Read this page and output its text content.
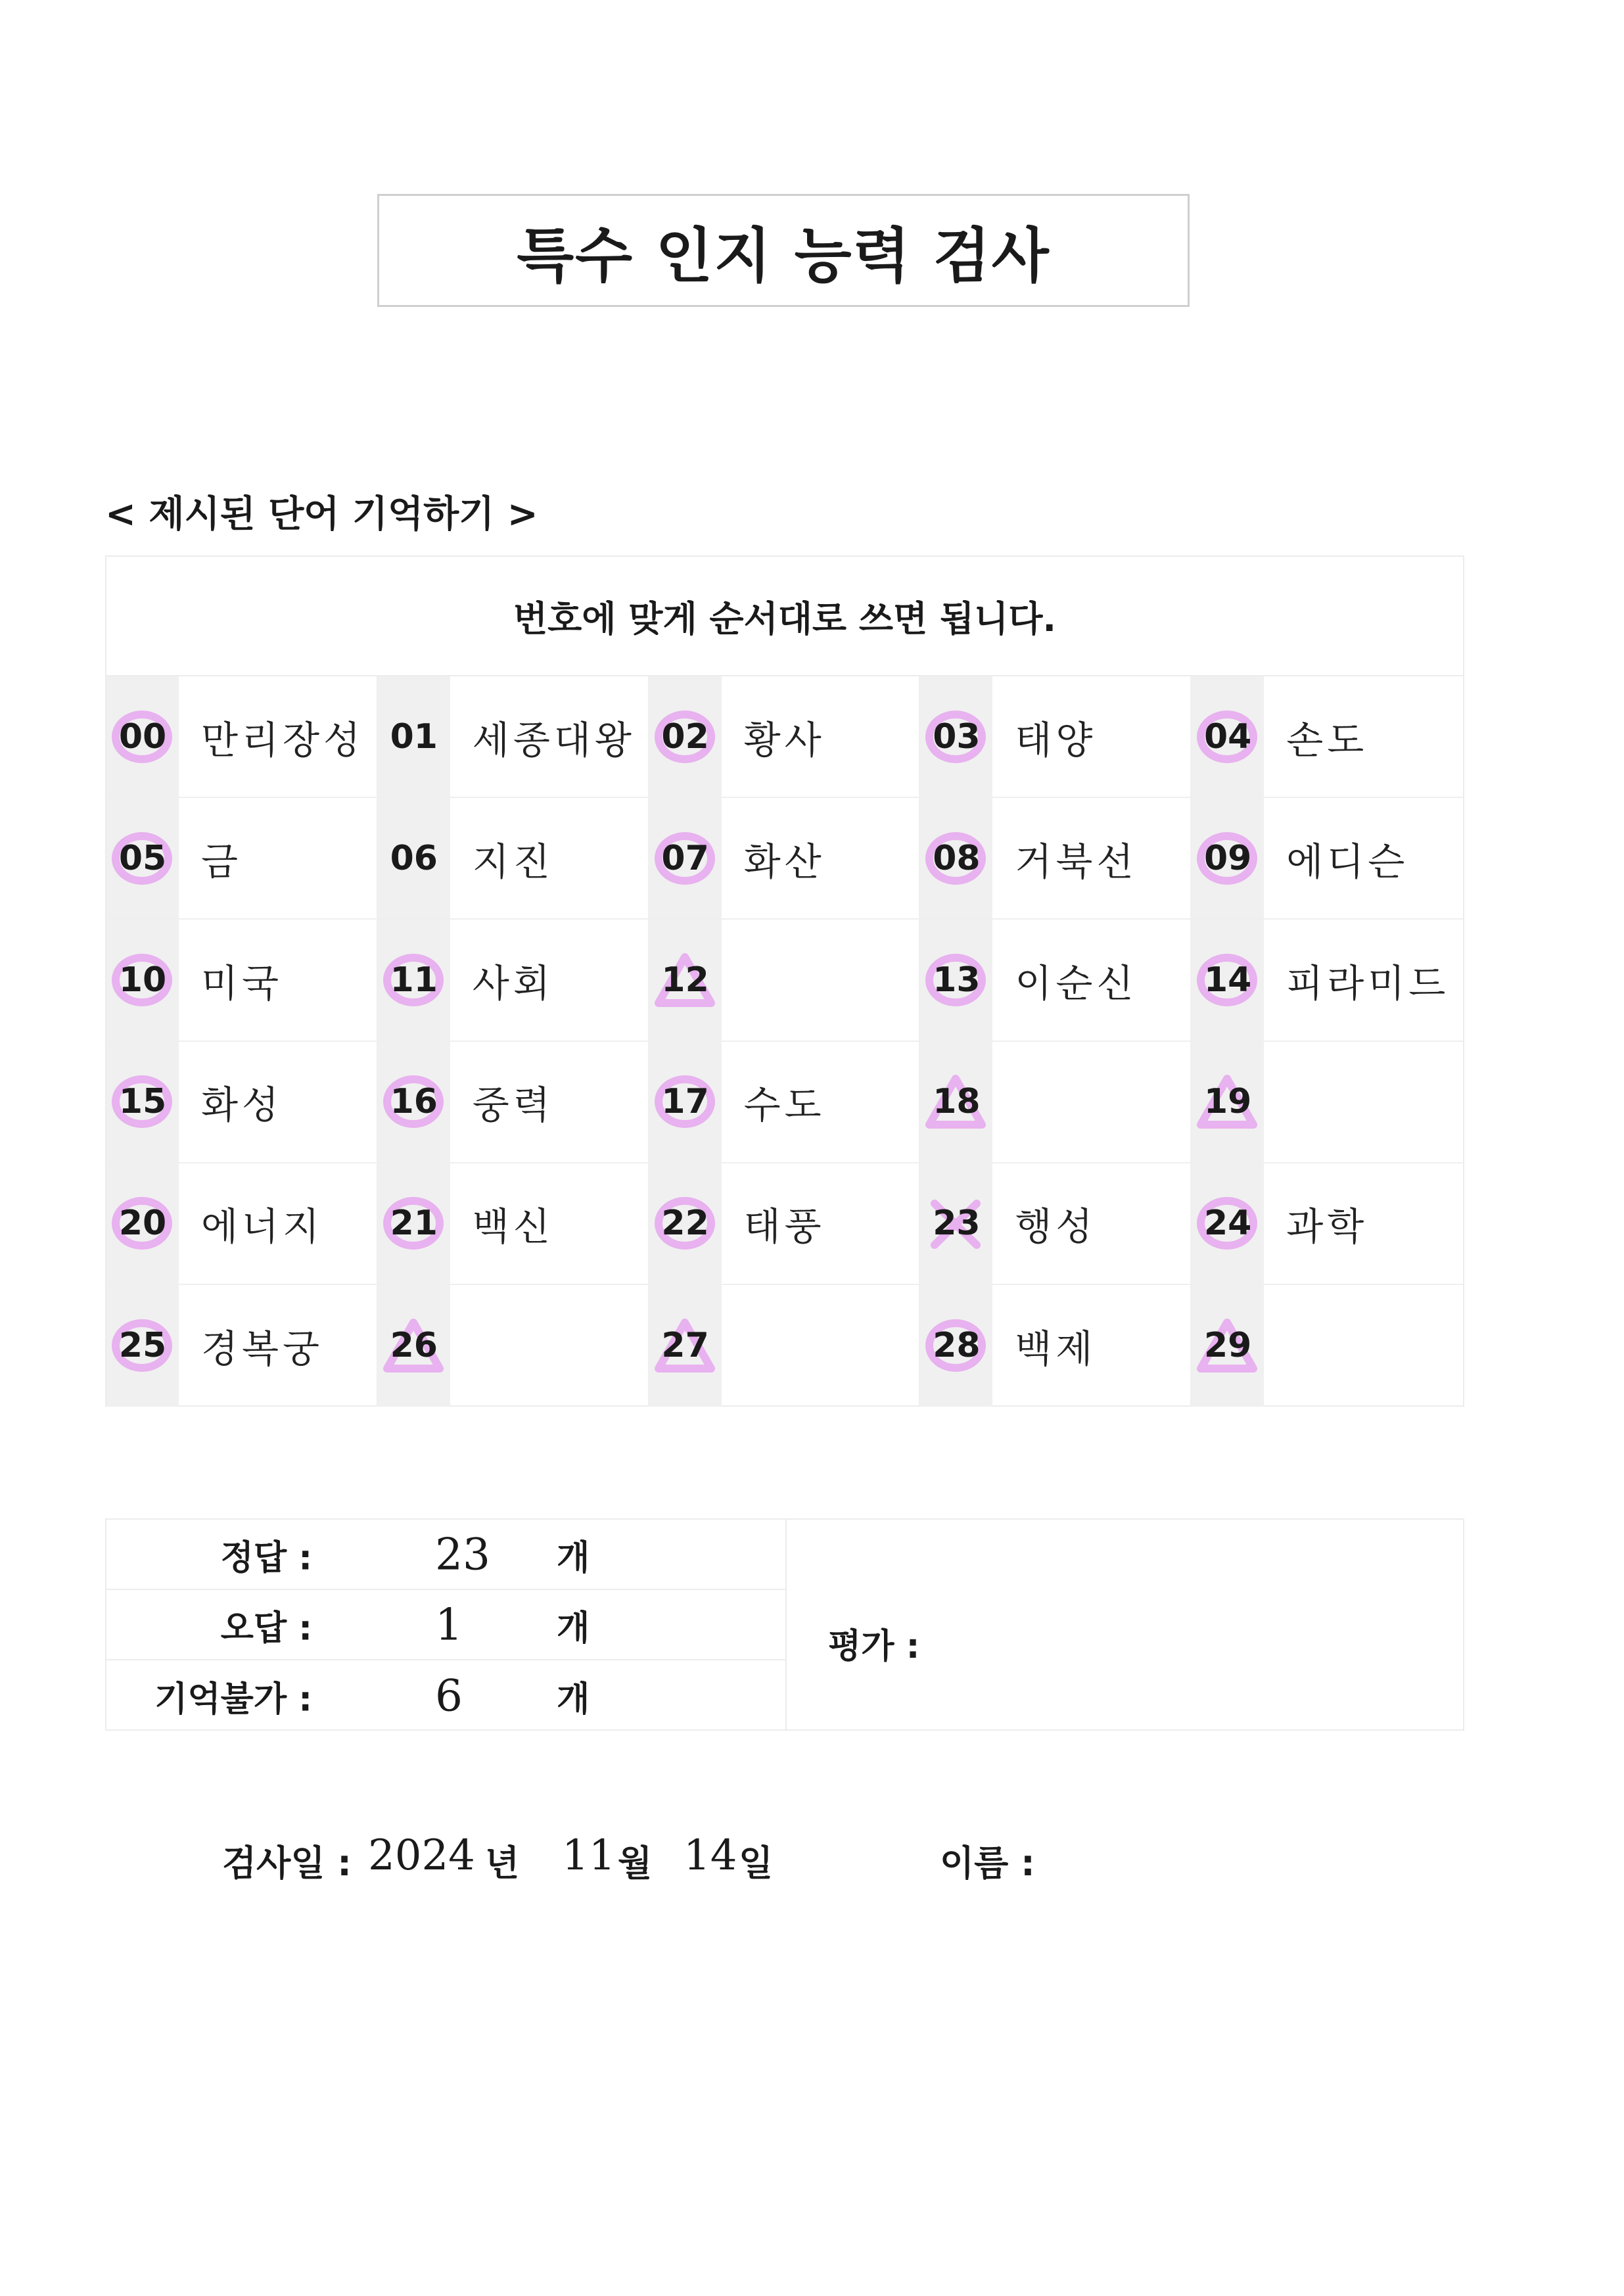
특수 인지 능력 검사
< 제시된 단어 기억하기 >
번호에 맞게 순서대로 쓰면 됩니다.
00 만리장성 01 세종대왕 02 황사	03 태양	04 손도
05 금	06 지진	07 화산	08 거북선	09 에디슨
10 미국	11 사회	12	13 이순신	14 피라미드
15 화성	16 중력	17 수도	18	19
20 에너지	21 백신	22 태풍	23 행성	24 과학
25 경복궁	26	27	28 백제	29
정답 :	23 개
오답 :	1	개
기억불가 :	6	개
평가 :
검사일 : 2024 년 11 월 14 일	이름 :
